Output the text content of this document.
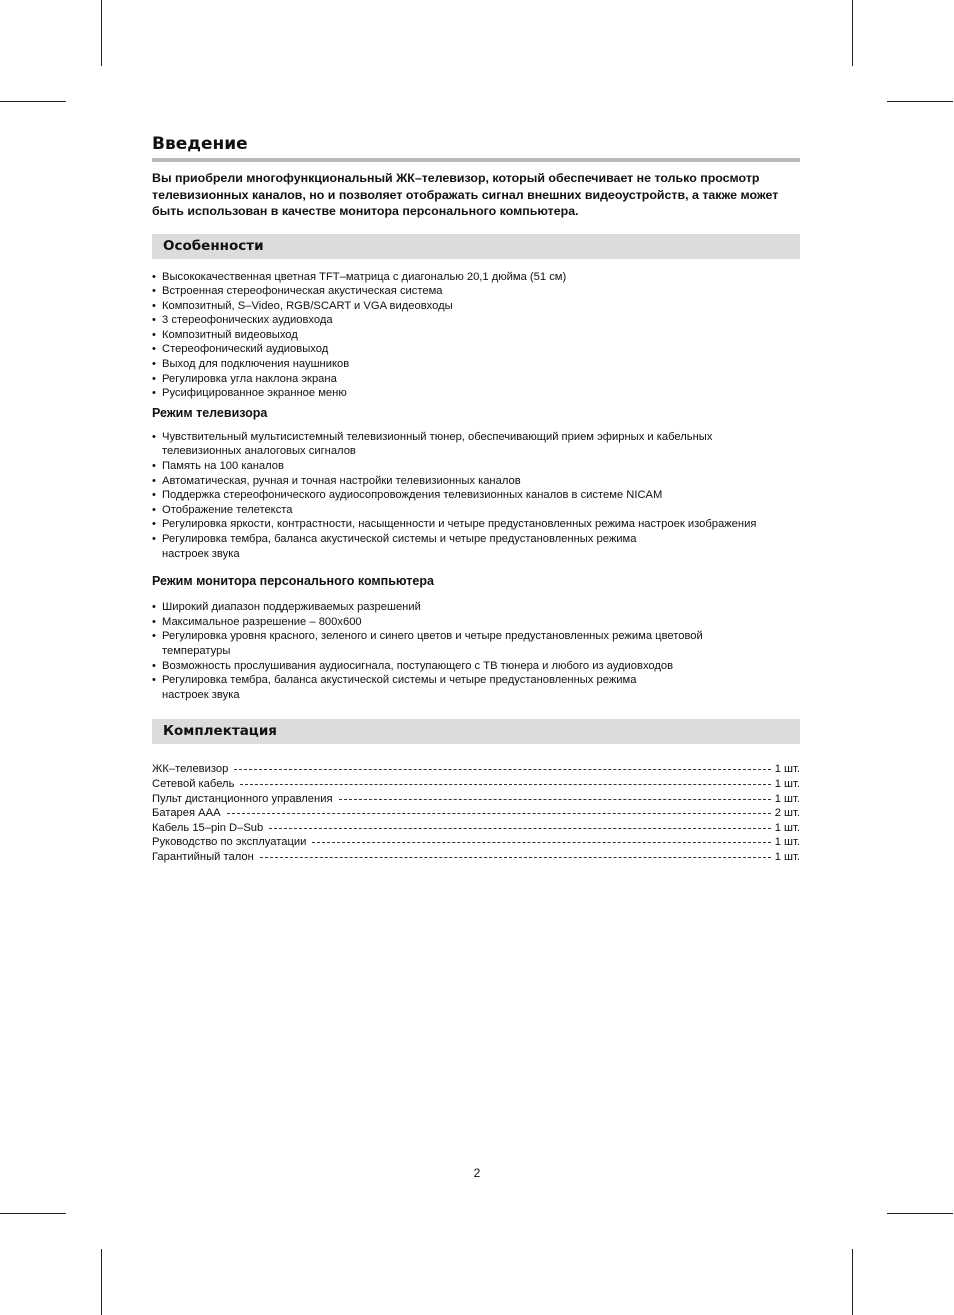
Введение

Вы приобрели многофункциональный ЖК–телевизор, который обеспечивает не только просмотр телевизионных каналов, но и позволяет отображать сигнал внешних видеоустройств, а также может быть использован в качестве монитора персонального компьютера.

Особенности
• Высококачественная цветная TFT–матрица с диагональю 20,1 дюйма (51 см)
• Встроенная стереофоническая акустическая система
• Композитный, S–Video, RGB/SCART и VGA видеовходы
• 3 стереофонических аудиовхода
• Композитный видеовыход
• Стереофонический аудиовыход
• Выход для подключения наушников
• Регулировка угла наклона экрана
• Русифицированное экранное меню
Режим телевизора
• Чувствительный мультисистемный телевизионный тюнер, обеспечивающий прием эфирных и кабельных телевизионных аналоговых сигналов
• Память на 100 каналов
• Автоматическая, ручная и точная настройки телевизионных каналов
• Поддержка стереофонического аудиосопровождения телевизионных каналов в системе NICAM
• Отображение телетекста
• Регулировка яркости, контрастности, насыщенности и четыре предустановленных режима настроек изображения
• Регулировка тембра, баланса акустической системы и четыре предустановленных режима настроек звука
Режим монитора персонального компьютера
• Широкий диапазон поддерживаемых разрешений
• Максимальное разрешение – 800x600
• Регулировка уровня красного, зеленого и синего цветов и четыре предустановленных режима цветовой температуры
• Возможность прослушивания аудиосигнала, поступающего с ТВ тюнера и любого из аудиовходов
• Регулировка тембра, баланса акустической системы и четыре предустановленных режима настроек звука
Комплектация
ЖК–телевизор	1 шт.
Сетевой кабель	1 шт.
Пульт дистанционного управления	1 шт.
Батарея AAA	2 шт.
Кабель 15–pin D–Sub	1 шт.
Руководство по эксплуатации	1 шт.
Гарантийный талон	1 шт.
2
